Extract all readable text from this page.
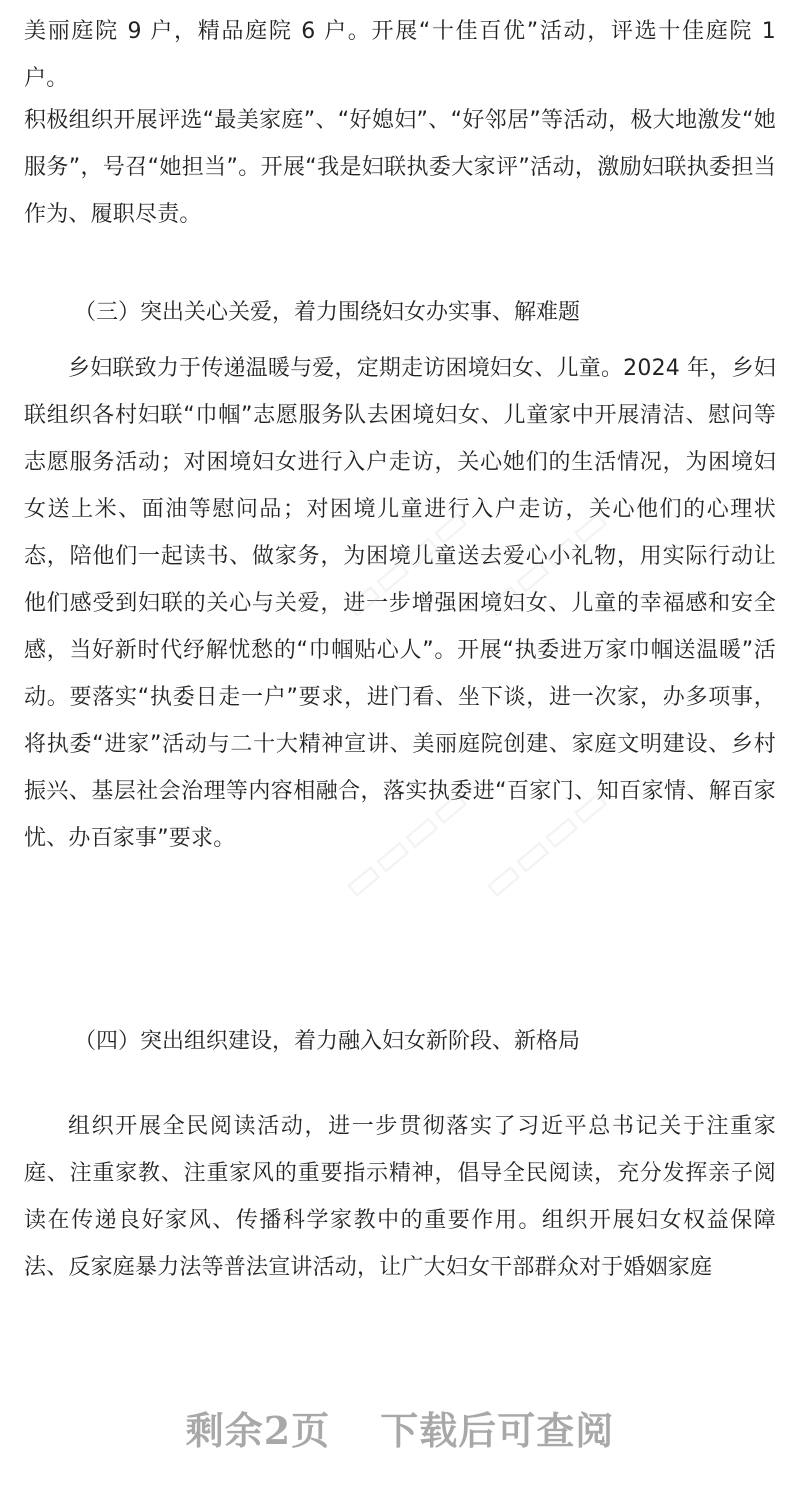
美丽庭院 9 户，精品庭院 6 户。开展“十佳百优”活动，评选十佳庭院 1 户。

积极组织开展评选“最美家庭”、“好媳妇”、“好邻居”等活动，极大地激发“她服务”，号召“她担当”。开展“我是妇联执委大家评”活动，激励妇联执委担当作为、履职尽责。

（三）突出关心关爱，着力围绕妇女办实事、解难题

乡妇联致力于传递温暖与爱，定期走访困境妇女、儿童。2024 年，乡妇联组织各村妇联“巾帼”志愿服务队去困境妇女、儿童家中开展清洁、慰问等志愿服务活动；对困境妇女进行入户走访，关心她们的生活情况，为困境妇女送上米、面油等慰问品；对困境儿童进行入户走访，关心他们的心理状态，陪他们一起读书、做家务，为困境儿童送去爱心小礼物，用实际行动让他们感受到妇联的关心与关爱，进一步增强困境妇女、儿童的幸福感和安全感，当好新时代纾解忧愁的“巾帼贴心人”。开展“执委进万家巾帼送温暖”活动。要落实“执委日走一户”要求，进门看、坐下谈，进一次家，办多项事，将执委“进家”活动与二十大精神宣讲、美丽庭院创建、家庭文明建设、乡村振兴、基层社会治理等内容相融合，落实执委进“百家门、知百家情、解百家忧、办百家事”要求。

（四）突出组织建设，着力融入妇女新阶段、新格局

组织开展全民阅读活动，进一步贯彻落实了习近平总书记关于注重家庭、注重家教、注重家风的重要指示精神，倡导全民阅读，充分发挥亲子阅读在传递良好家风、传播科学家教中的重要作用。组织开展妇女权益保障法、反家庭暴力法等普法宣讲活动，让广大妇女干部群众对于婚姻家庭

▭▭▭▭
▭▭▭▭
▭▭▭▭
▭▭▭▭
剩余2页 下载后可查阅
